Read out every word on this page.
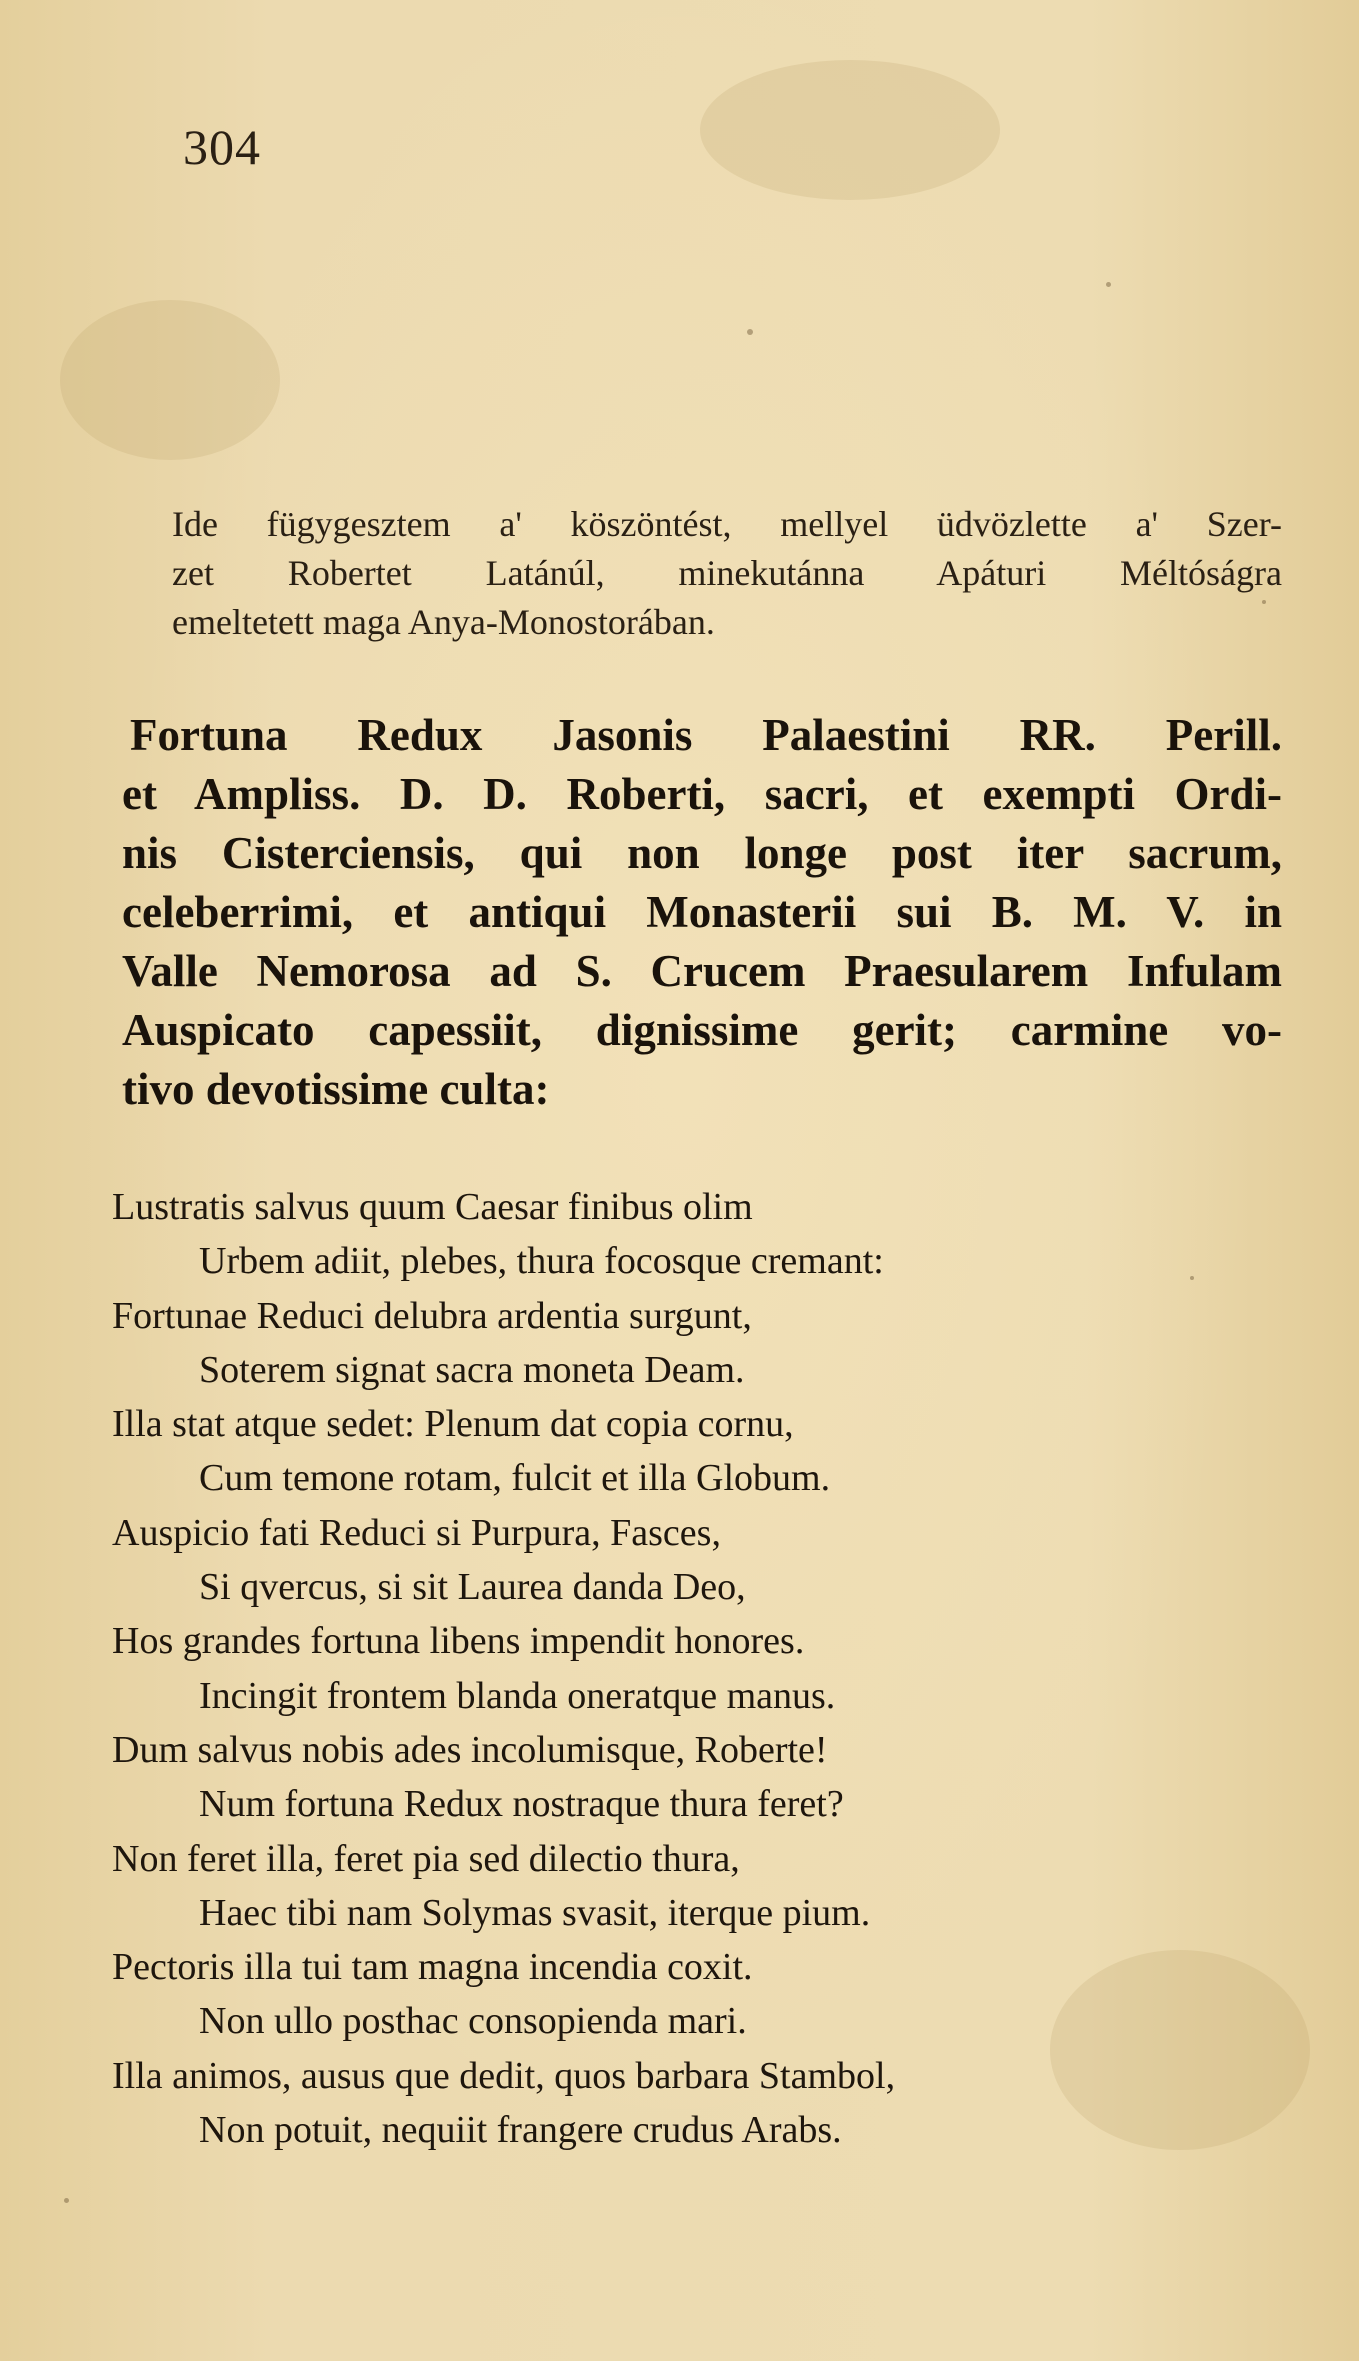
304
Ide fügygesztem a' köszöntést, mellyel üdvözlette a' Szer-
zet Robertet Latánúl, minekutánna Apáturi Méltóságra
emeltetett maga Anya-Monostorában.
Fortuna Redux Jasonis Palaestini RR. Perill.
et Ampliss. D. D. Roberti, sacri, et exempti Ordi-
nis Cisterciensis, qui non longe post iter sacrum,
celeberrimi, et antiqui Monasterii sui B. M. V. in
Valle Nemorosa ad S. Crucem Praesularem Infulam
Auspicato capessiit, dignissime gerit; carmine vo-
tivo devotissime culta:
Lustratis salvus quum Caesar finibus olim
Urbem adiit, plebes, thura focosque cremant:
Fortunae Reduci delubra ardentia surgunt,
Soterem signat sacra moneta Deam.
Illa stat atque sedet: Plenum dat copia cornu,
Cum temone rotam, fulcit et illa Globum.
Auspicio fati Reduci si Purpura, Fasces,
Si qvercus, si sit Laurea danda Deo,
Hos grandes fortuna libens impendit honores.
Incingit frontem blanda oneratque manus.
Dum salvus nobis ades incolumisque, Roberte!
Num fortuna Redux nostraque thura feret?
Non feret illa, feret pia sed dilectio thura,
Haec tibi nam Solymas svasit, iterque pium.
Pectoris illa tui tam magna incendia coxit.
Non ullo posthac consopienda mari.
Illa animos, ausus que dedit, quos barbara Stambol,
Non potuit, nequiit frangere crudus Arabs.
